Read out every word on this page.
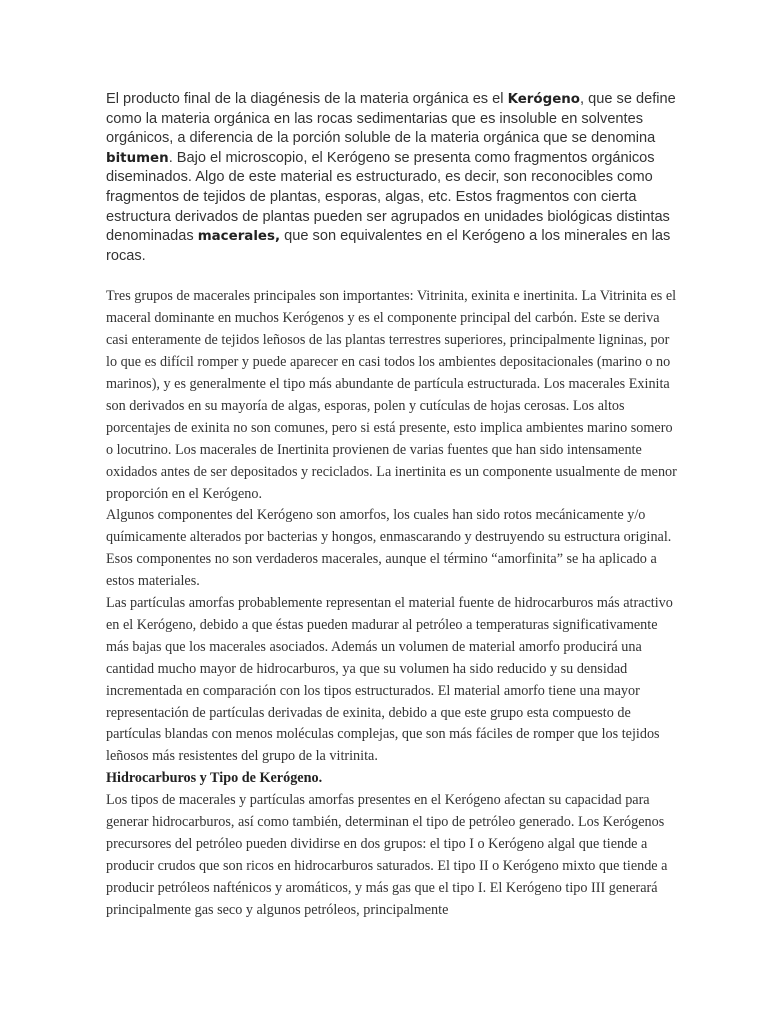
El producto final de la diagénesis de la materia orgánica es el Kerógeno, que se define como la materia orgánica en las rocas sedimentarias que es insoluble en solventes orgánicos, a diferencia de la porción soluble de la materia orgánica que se denomina bitumen. Bajo el microscopio, el Kerógeno se presenta como fragmentos orgánicos diseminados. Algo de este material es estructurado, es decir, son reconocibles como fragmentos de tejidos de plantas, esporas, algas, etc. Estos fragmentos con cierta estructura derivados de plantas pueden ser agrupados en unidades biológicas distintas denominadas macerales, que son equivalentes en el Kerógeno a los minerales en las rocas.

Tres grupos de macerales principales son importantes: Vitrinita, exinita e inertinita. La Vitrinita es el maceral dominante en muchos Kerógenos y es el componente principal del carbón. Este se deriva casi enteramente de tejidos leñosos de las plantas terrestres superiores, principalmente ligninas, por lo que es difícil romper y puede aparecer en casi todos los ambientes depositacionales (marino o no marinos), y es generalmente el tipo más abundante de partícula estructurada. Los macerales Exinita son derivados en su mayoría de algas, esporas, polen y cutículas de hojas cerosas. Los altos porcentajes de exinita no son comunes, pero si está presente, esto implica ambientes marino somero o locutrino. Los macerales de Inertinita provienen de varias fuentes que han sido intensamente oxidados antes de ser depositados y reciclados. La inertinita es un componente usualmente de menor proporción en el Kerógeno.

Algunos componentes del Kerógeno son amorfos, los cuales han sido rotos mecánicamente y/o químicamente alterados por bacterias y hongos, enmascarando y destruyendo su estructura original. Esos componentes no son verdaderos macerales, aunque el término “amorfinita” se ha aplicado a estos materiales.

Las partículas amorfas probablemente representan el material fuente de hidrocarburos más atractivo en el Kerógeno, debido a que éstas pueden madurar al petróleo a temperaturas significativamente más bajas que los macerales asociados. Además un volumen de material amorfo producirá una cantidad mucho mayor de hidrocarburos, ya que su volumen ha sido reducido y su densidad incrementada en comparación con los tipos estructurados. El material amorfo tiene una mayor representación de partículas derivadas de exinita, debido a que este grupo esta compuesto de partículas blandas con menos moléculas complejas, que son más fáciles de romper que los tejidos leñosos más resistentes del grupo de la vitrinita.

Hidrocarburos y Tipo de Kerógeno.

Los tipos de macerales y partículas amorfas presentes en el Kerógeno afectan su capacidad para generar hidrocarburos, así como también, determinan el tipo de petróleo generado. Los Kerógenos precursores del petróleo pueden dividirse en dos grupos: el tipo I o Kerógeno algal que tiende a producir crudos que son ricos en hidrocarburos saturados. El tipo II o Kerógeno mixto que tiende a producir petróleos nafténicos y aromáticos, y más gas que el tipo I. El Kerógeno tipo III generará principalmente gas seco y algunos petróleos, principalmente
